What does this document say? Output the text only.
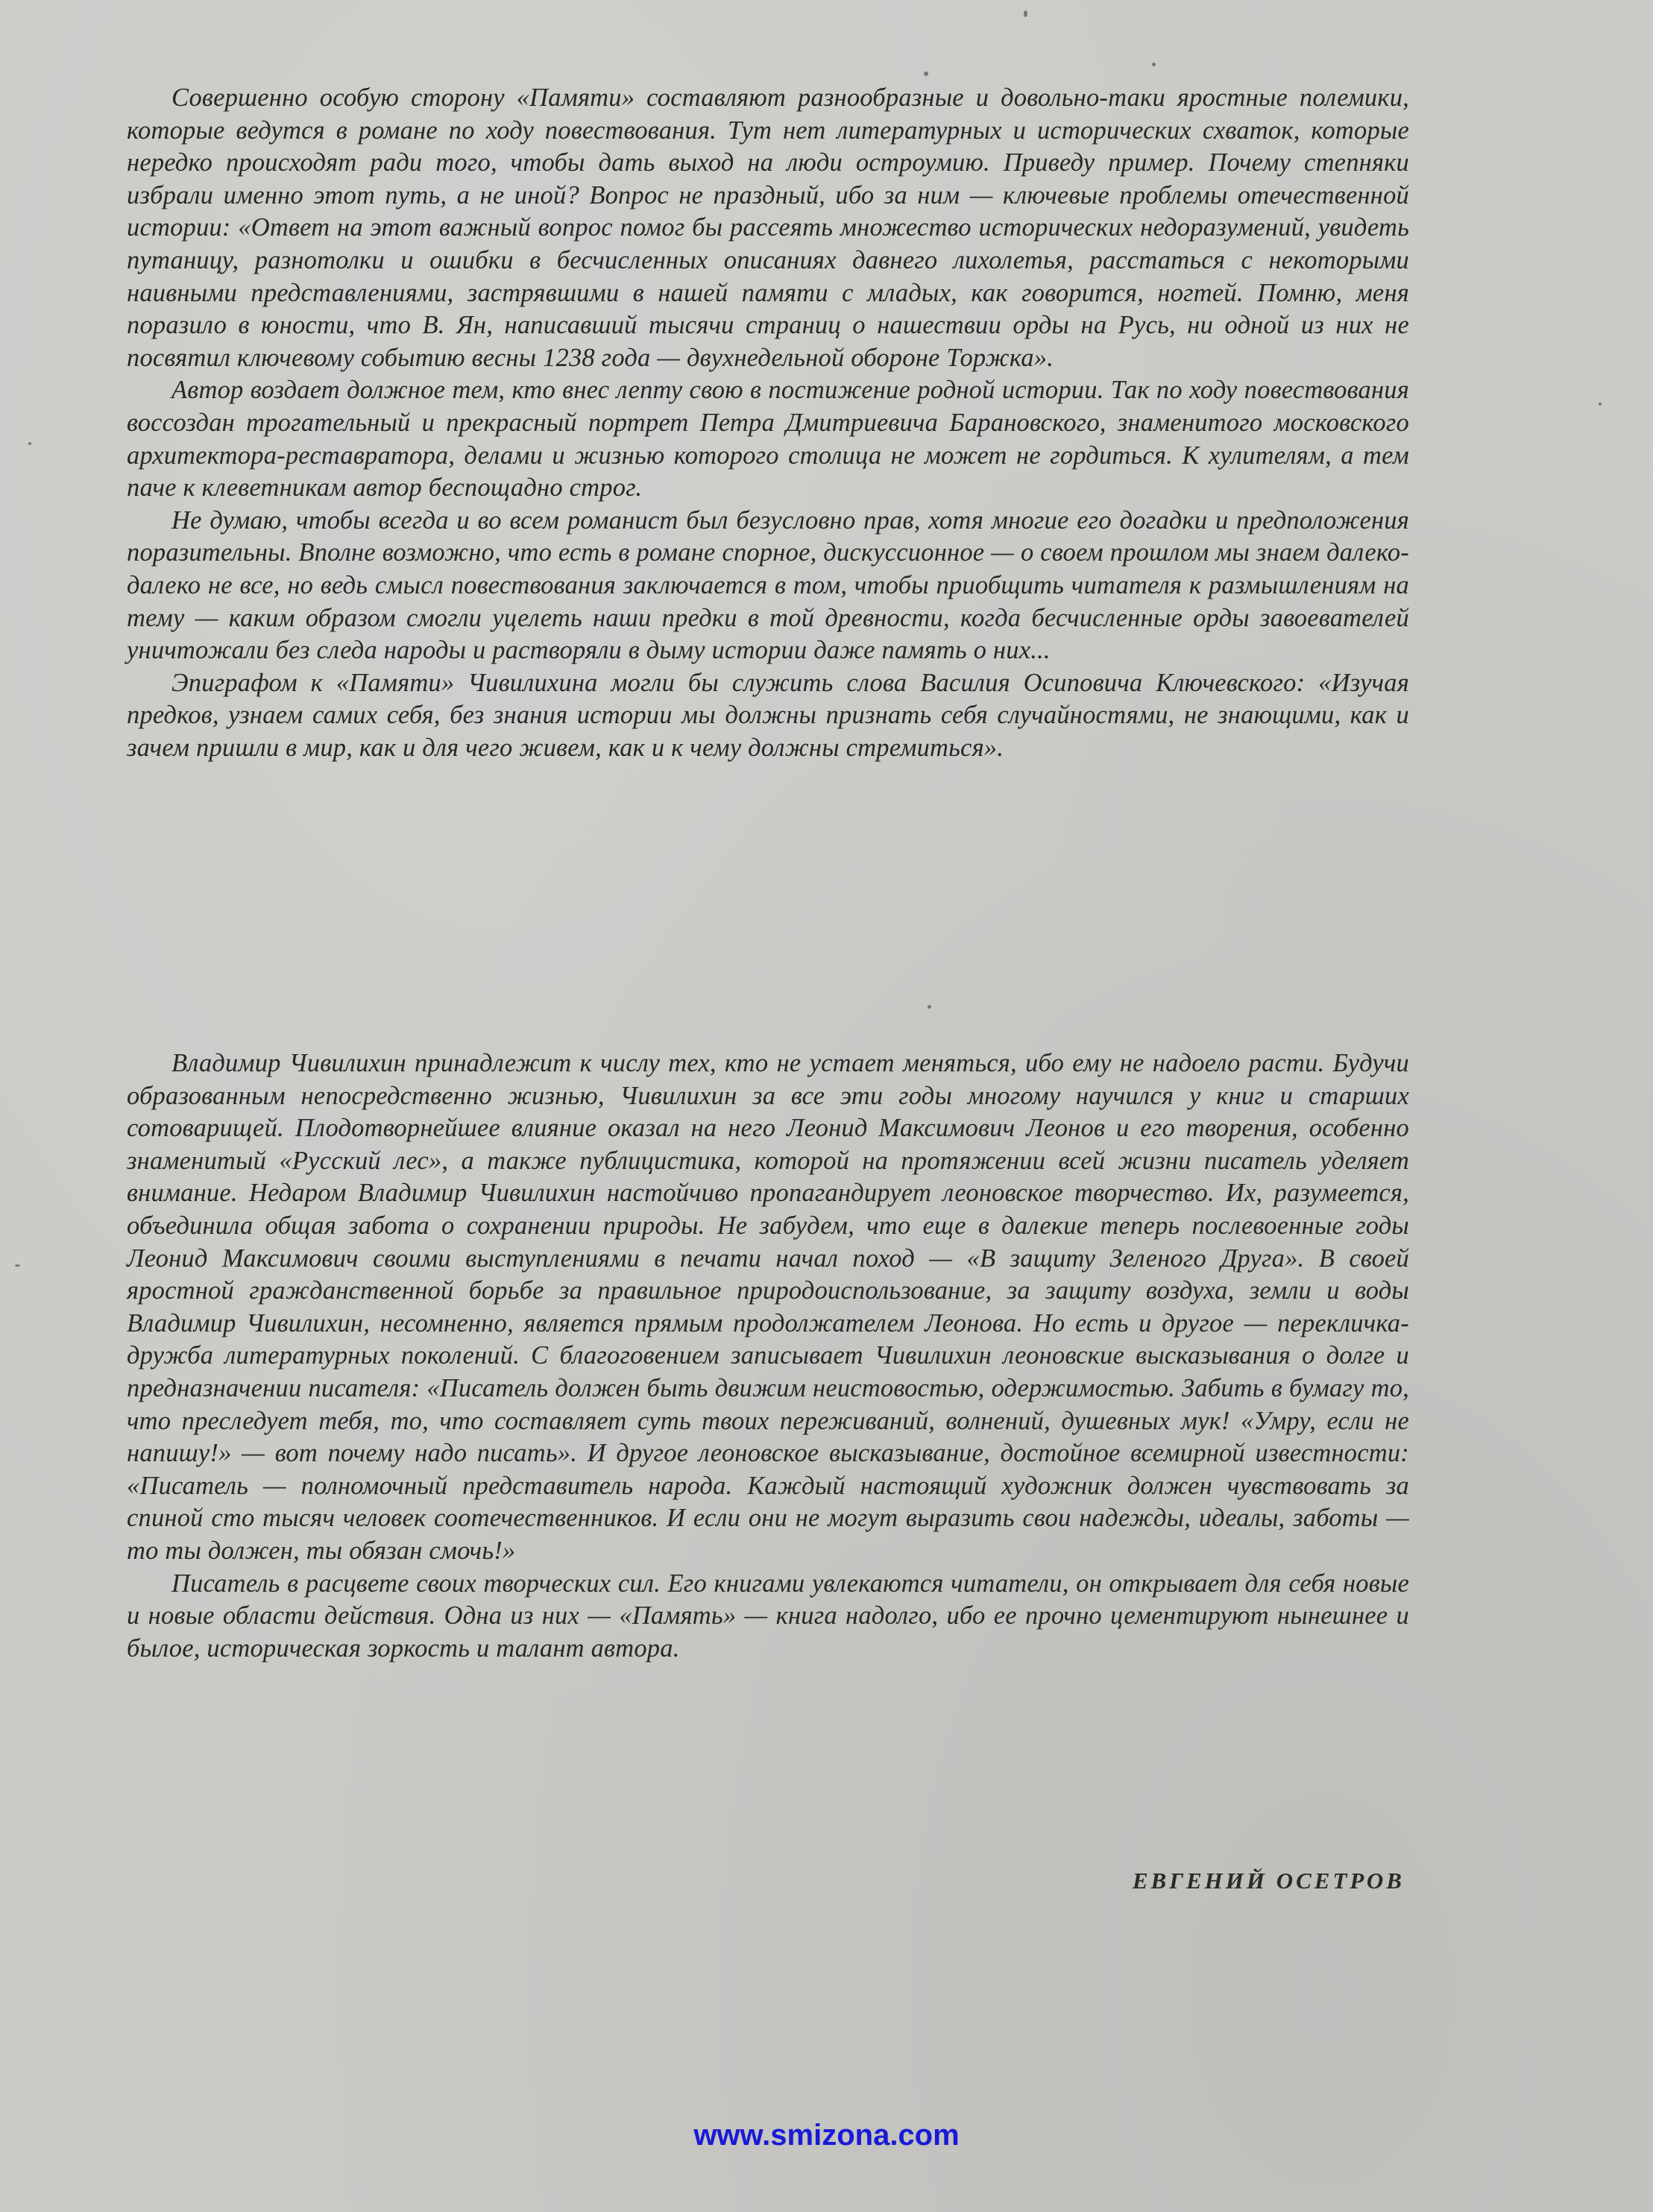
Совершенно особую сторону «Памяти» составляют разнообразные и довольно-таки яростные полемики, которые ведутся в романе по ходу повествования. Тут нет литературных и исторических схваток, которые нередко происходят ради того, чтобы дать выход на люди остроумию. Приведу пример. Почему степняки избрали именно этот путь, а не иной? Вопрос не праздный, ибо за ним — ключевые проблемы отечественной истории: «Ответ на этот важный вопрос помог бы рассеять множество исторических недоразумений, увидеть путаницу, разнотолки и ошибки в бесчисленных описаниях давнего лихолетья, расстаться с некоторыми наивными представлениями, застрявшими в нашей памяти с младых, как говорится, ногтей. Помню, меня поразило в юности, что В. Ян, написавший тысячи страниц о нашествии орды на Русь, ни одной из них не посвятил ключевому событию весны 1238 года — двухнедельной обороне Торжка».

Автор воздает должное тем, кто внес лепту свою в постижение родной истории. Так по ходу повествования воссоздан трогательный и прекрасный портрет Петра Дмитриевича Барановского, знаменитого московского архитектора-реставратора, делами и жизнью которого столица не может не гордиться. К хулителям, а тем паче к клеветникам автор беспощадно строг.

Не думаю, чтобы всегда и во всем романист был безусловно прав, хотя многие его догадки и предположения поразительны. Вполне возможно, что есть в романе спорное, дискуссионное — о своем прошлом мы знаем далеко-далеко не все, но ведь смысл повествования заключается в том, чтобы приобщить читателя к размышлениям на тему — каким образом смогли уцелеть наши предки в той древности, когда бесчисленные орды завоевателей уничтожали без следа народы и растворяли в дыму истории даже память о них...

Эпиграфом к «Памяти» Чивилихина могли бы служить слова Василия Осиповича Ключевского: «Изучая предков, узнаем самих себя, без знания истории мы должны признать себя случайностями, не знающими, как и зачем пришли в мир, как и для чего живем, как и к чему должны стремиться».

Владимир Чивилихин принадлежит к числу тех, кто не устает меняться, ибо ему не надоело расти. Будучи образованным непосредственно жизнью, Чивилихин за все эти годы многому научился у книг и старших сотоварищей. Плодотворнейшее влияние оказал на него Леонид Максимович Леонов и его творения, особенно знаменитый «Русский лес», а также публицистика, которой на протяжении всей жизни писатель уделяет внимание. Недаром Владимир Чивилихин настойчиво пропагандирует леоновское творчество. Их, разумеется, объединила общая забота о сохранении природы. Не забудем, что еще в далекие теперь послевоенные годы Леонид Максимович своими выступлениями в печати начал поход — «В защиту Зеленого Друга». В своей яростной гражданственной борьбе за правильное природоиспользование, за защиту воздуха, земли и воды Владимир Чивилихин, несомненно, является прямым продолжателем Леонова. Но есть и другое — перекличка-дружба литературных поколений. С благоговением записывает Чивилихин леоновские высказывания о долге и предназначении писателя: «Писатель должен быть движим неистовостью, одержимостью. Забить в бумагу то, что преследует тебя, то, что составляет суть твоих переживаний, волнений, душевных мук! «Умру, если не напишу!» — вот почему надо писать». И другое леоновское высказывание, достойное всемирной известности: «Писатель — полномочный представитель народа. Каждый настоящий художник должен чувствовать за спиной сто тысяч человек соотечественников. И если они не могут выразить свои надежды, идеалы, заботы — то ты должен, ты обязан смочь!»

Писатель в расцвете своих творческих сил. Его книгами увлекаются читатели, он открывает для себя новые и новые области действия. Одна из них — «Память» — книга надолго, ибо ее прочно цементируют нынешнее и былое, историческая зоркость и талант автора.

ЕВГЕНИЙ ОСЕТРОВ
www.smizona.com
